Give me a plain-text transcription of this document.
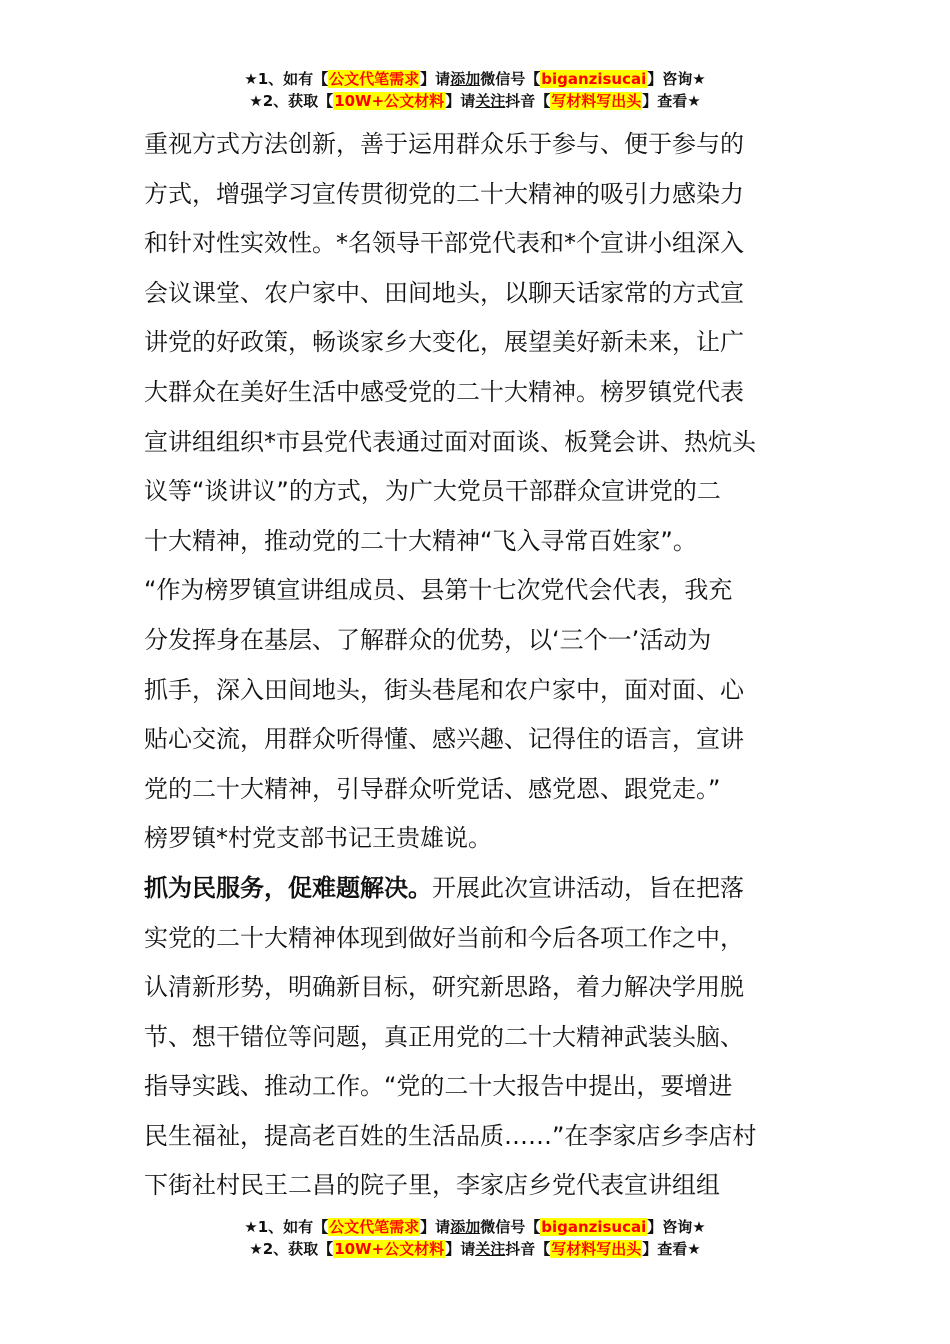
★1、如有【公文代笔需求】请添加微信号【biganzisucai】咨询★
★2、获取【10W+公文材料】请关注抖音【写材料写出头】查看★
重视方式方法创新，善于运用群众乐于参与、便于参与的
方式，增强学习宣传贯彻党的二十大精神的吸引力感染力
和针对性实效性。*名领导干部党代表和*个宣讲小组深入
会议课堂、农户家中、田间地头，以聊天话家常的方式宣
讲党的好政策，畅谈家乡大变化，展望美好新未来，让广
大群众在美好生活中感受党的二十大精神。榜罗镇党代表
宣讲组组织*市县党代表通过面对面谈、板凳会讲、热炕头
议等“谈讲议”的方式，为广大党员干部群众宣讲党的二
十大精神，推动党的二十大精神“飞入寻常百姓家”。
“作为榜罗镇宣讲组成员、县第十七次党代会代表，我充
分发挥身在基层、了解群众的优势，以‘三个一’活动为
抓手，深入田间地头，街头巷尾和农户家中，面对面、心
贴心交流，用群众听得懂、感兴趣、记得住的语言，宣讲
党的二十大精神，引导群众听党话、感党恩、跟党走。”
榜罗镇*村党支部书记王贵雄说。
抓为民服务，促难题解决。开展此次宣讲活动，旨在把落
实党的二十大精神体现到做好当前和今后各项工作之中，
认清新形势，明确新目标，研究新思路，着力解决学用脱
节、想干错位等问题，真正用党的二十大精神武装头脑、
指导实践、推动工作。“党的二十大报告中提出，要增进
民生福祉，提高老百姓的生活品质……”在李家店乡李店村
下街社村民王二昌的院子里，李家店乡党代表宣讲组组
★1、如有【公文代笔需求】请添加微信号【biganzisucai】咨询★
★2、获取【10W+公文材料】请关注抖音【写材料写出头】查看★
